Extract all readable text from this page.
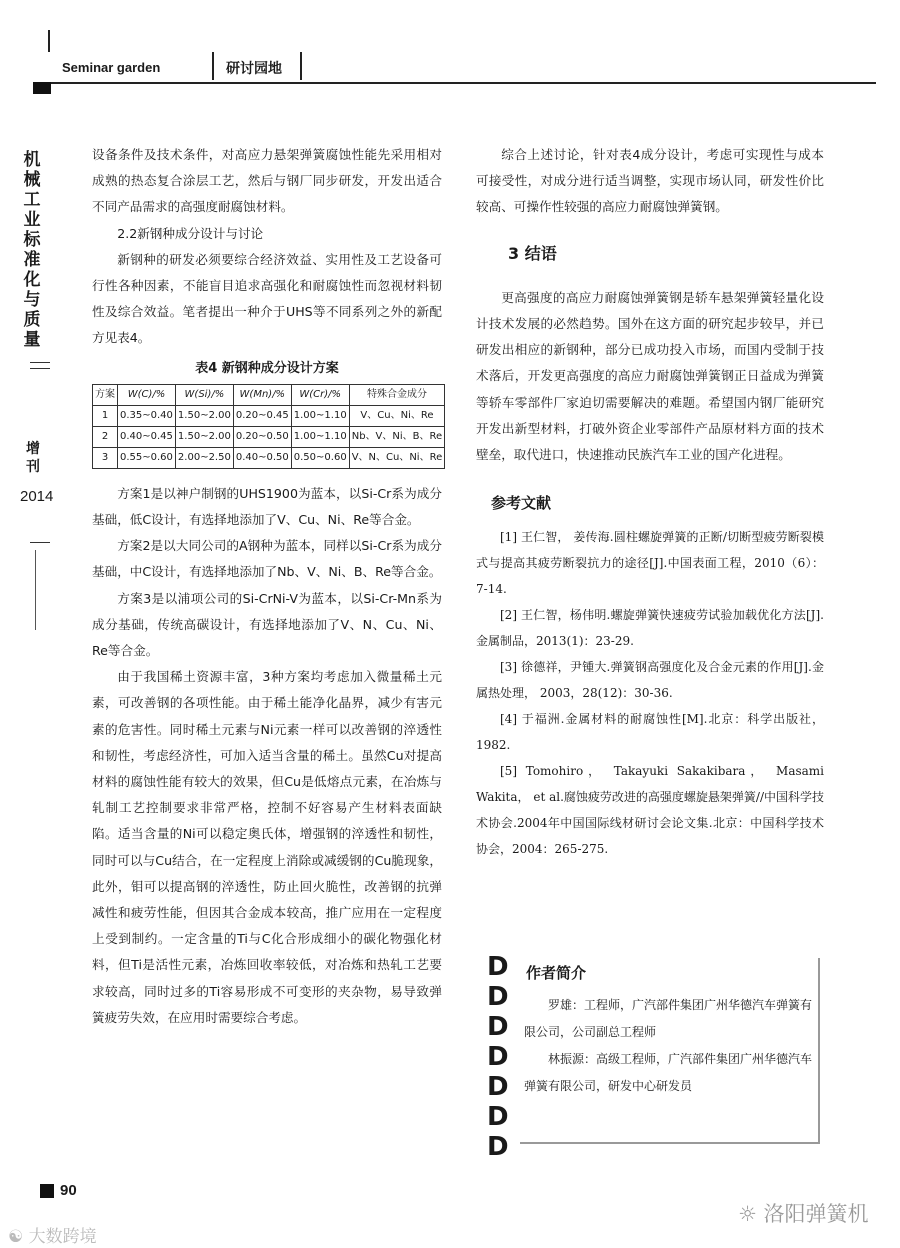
Seminar garden	研讨园地
机械工业标准化与质量
增刊
2014

设备条件及技术条件，对高应力悬架弹簧腐蚀性能先采用相对成熟的热态复合涂层工艺，然后与钢厂同步研发，开发出适合不同产品需求的高强度耐腐蚀材料。

2.2新钢种成分设计与讨论

新钢种的研发必须要综合经济效益、实用性及工艺设备可行性各种因素，不能盲目追求高强化和耐腐蚀性而忽视材料韧性及综合效益。笔者提出一种介于UHS等不同系列之外的新配方见表4。

表4 新钢种成分设计方案

方案	W(C)/%	W(Si)/%	W(Mn)/%	W(Cr)/%	特殊合金成分
1	0.35~0.40	1.50~2.00	0.20~0.45	1.00~1.10	V、Cu、Ni、Re
2	0.40~0.45	1.50~2.00	0.20~0.50	1.00~1.10	Nb、V、Ni、B、Re
3	0.55~0.60	2.00~2.50	0.40~0.50	0.50~0.60	V、N、Cu、Ni、Re

方案1是以神户制钢的UHS1900为蓝本，以Si-Cr系为成分基础，低C设计，有选择地添加了V、Cu、Ni、Re等合金。

方案2是以大同公司的A钢种为蓝本，同样以Si-Cr系为成分基础，中C设计，有选择地添加了Nb、V、Ni、B、Re等合金。

方案3是以浦项公司的Si-CrNi-V为蓝本，以Si-Cr-Mn系为成分基础，传统高碳设计，有选择地添加了V、N、Cu、Ni、Re等合金。

由于我国稀土资源丰富，3种方案均考虑加入微量稀土元素，可改善钢的各项性能。由于稀土能净化晶界，减少有害元素的危害性。同时稀土元素与Ni元素一样可以改善钢的淬透性和韧性，考虑经济性，可加入适当含量的稀土。虽然Cu对提高材料的腐蚀性能有较大的效果，但Cu是低熔点元素，在冶炼与轧制工艺控制要求非常严格，控制不好容易产生材料表面缺陷。适当含量的Ni可以稳定奥氏体，增强钢的淬透性和韧性，同时可以与Cu结合，在一定程度上消除或减缓钢的Cu脆现象，此外，钼可以提高钢的淬透性，防止回火脆性，改善钢的抗弹减性和疲劳性能，但因其合金成本较高，推广应用在一定程度上受到制约。一定含量的Ti与C化合形成细小的碳化物强化材料，但Ti是活性元素，冶炼回收率较低，对冶炼和热轧工艺要求较高，同时过多的Ti容易形成不可变形的夹杂物，易导致弹簧疲劳失效，在应用时需要综合考虑。

综合上述讨论，针对表4成分设计，考虑可实现性与成本可接受性，对成分进行适当调整，实现市场认同，研发性价比较高、可操作性较强的高应力耐腐蚀弹簧钢。

3 结语

更高强度的高应力耐腐蚀弹簧钢是轿车悬架弹簧轻量化设计技术发展的必然趋势。国外在这方面的研究起步较早，并已研发出相应的新钢种，部分已成功投入市场，而国内受制于技术落后，开发更高强度的高应力耐腐蚀弹簧钢正日益成为弹簧等轿车零部件厂家迫切需要解决的难题。希望国内钢厂能研究开发出新型材料，打破外资企业零部件产品原材料方面的技术壁垒，取代进口，快速推动民族汽车工业的国产化进程。

参考文献

[1] 王仁智， 姜传海.圆柱螺旋弹簧的正断/切断型疲劳断裂模式与提高其疲劳断裂抗力的途径[J].中国表面工程，2010（6）：7-14.

[2] 王仁智，杨伟明.螺旋弹簧快速疲劳试验加载优化方法[J].金属制品，2013(1)：23-29.

[3] 徐德祥，尹锺大.弹簧钢高强度化及合金元素的作用[J].金属热处理， 2003，28(12)：30-36.

[4] 于福洲.金属材料的耐腐蚀性[M].北京：科学出版社，1982.

[5] Tomohiro， Takayuki Sakakibara， Masami Wakita， et al.腐蚀疲劳改进的高强度螺旋悬架弹簧//中国科学技术协会.2004年中国国际线材研讨会论文集.北京：中国科学技术协会，2004：265-275.

DDDDDDD
作者简介

罗雄：工程师，广汽部件集团广州华德汽车弹簧有限公司，公司副总工程师

林振源：高级工程师，广汽部件集团广州华德汽车弹簧有限公司，研发中心研发员

90
☼ 洛阳弹簧机
☯ 大数跨境
